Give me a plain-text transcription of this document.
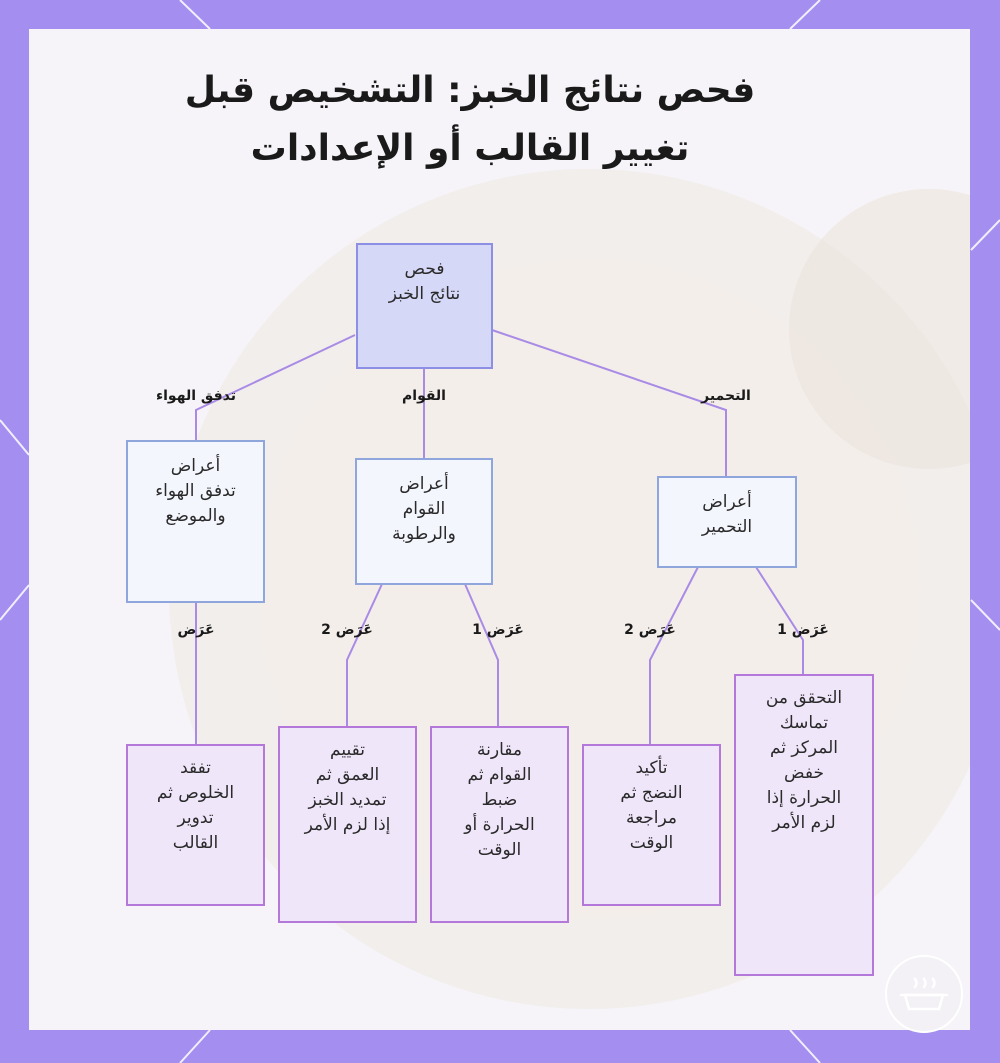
فحص نتائج الخبز: التشخيص قبل تغيير القالب أو الإعدادات
تدفق الهواء	القوام	التحمير
عَرَض	عَرَض 2	عَرَض 1	عَرَض 2	عَرَض 1
فحص
نتائج الخبز
أعراض
تدفق الهواء
والموضع
أعراض
القوام
والرطوبة
أعراض
التحمير
تفقد
الخلوص ثم
تدوير
القالب
تقييم
العمق ثم
تمديد الخبز
إذا لزم الأمر
مقارنة
القوام ثم
ضبط
الحرارة أو
الوقت
تأكيد
النضج ثم
مراجعة
الوقت
التحقق من
تماسك
المركز ثم
خفض
الحرارة إذا
لزم الأمر
